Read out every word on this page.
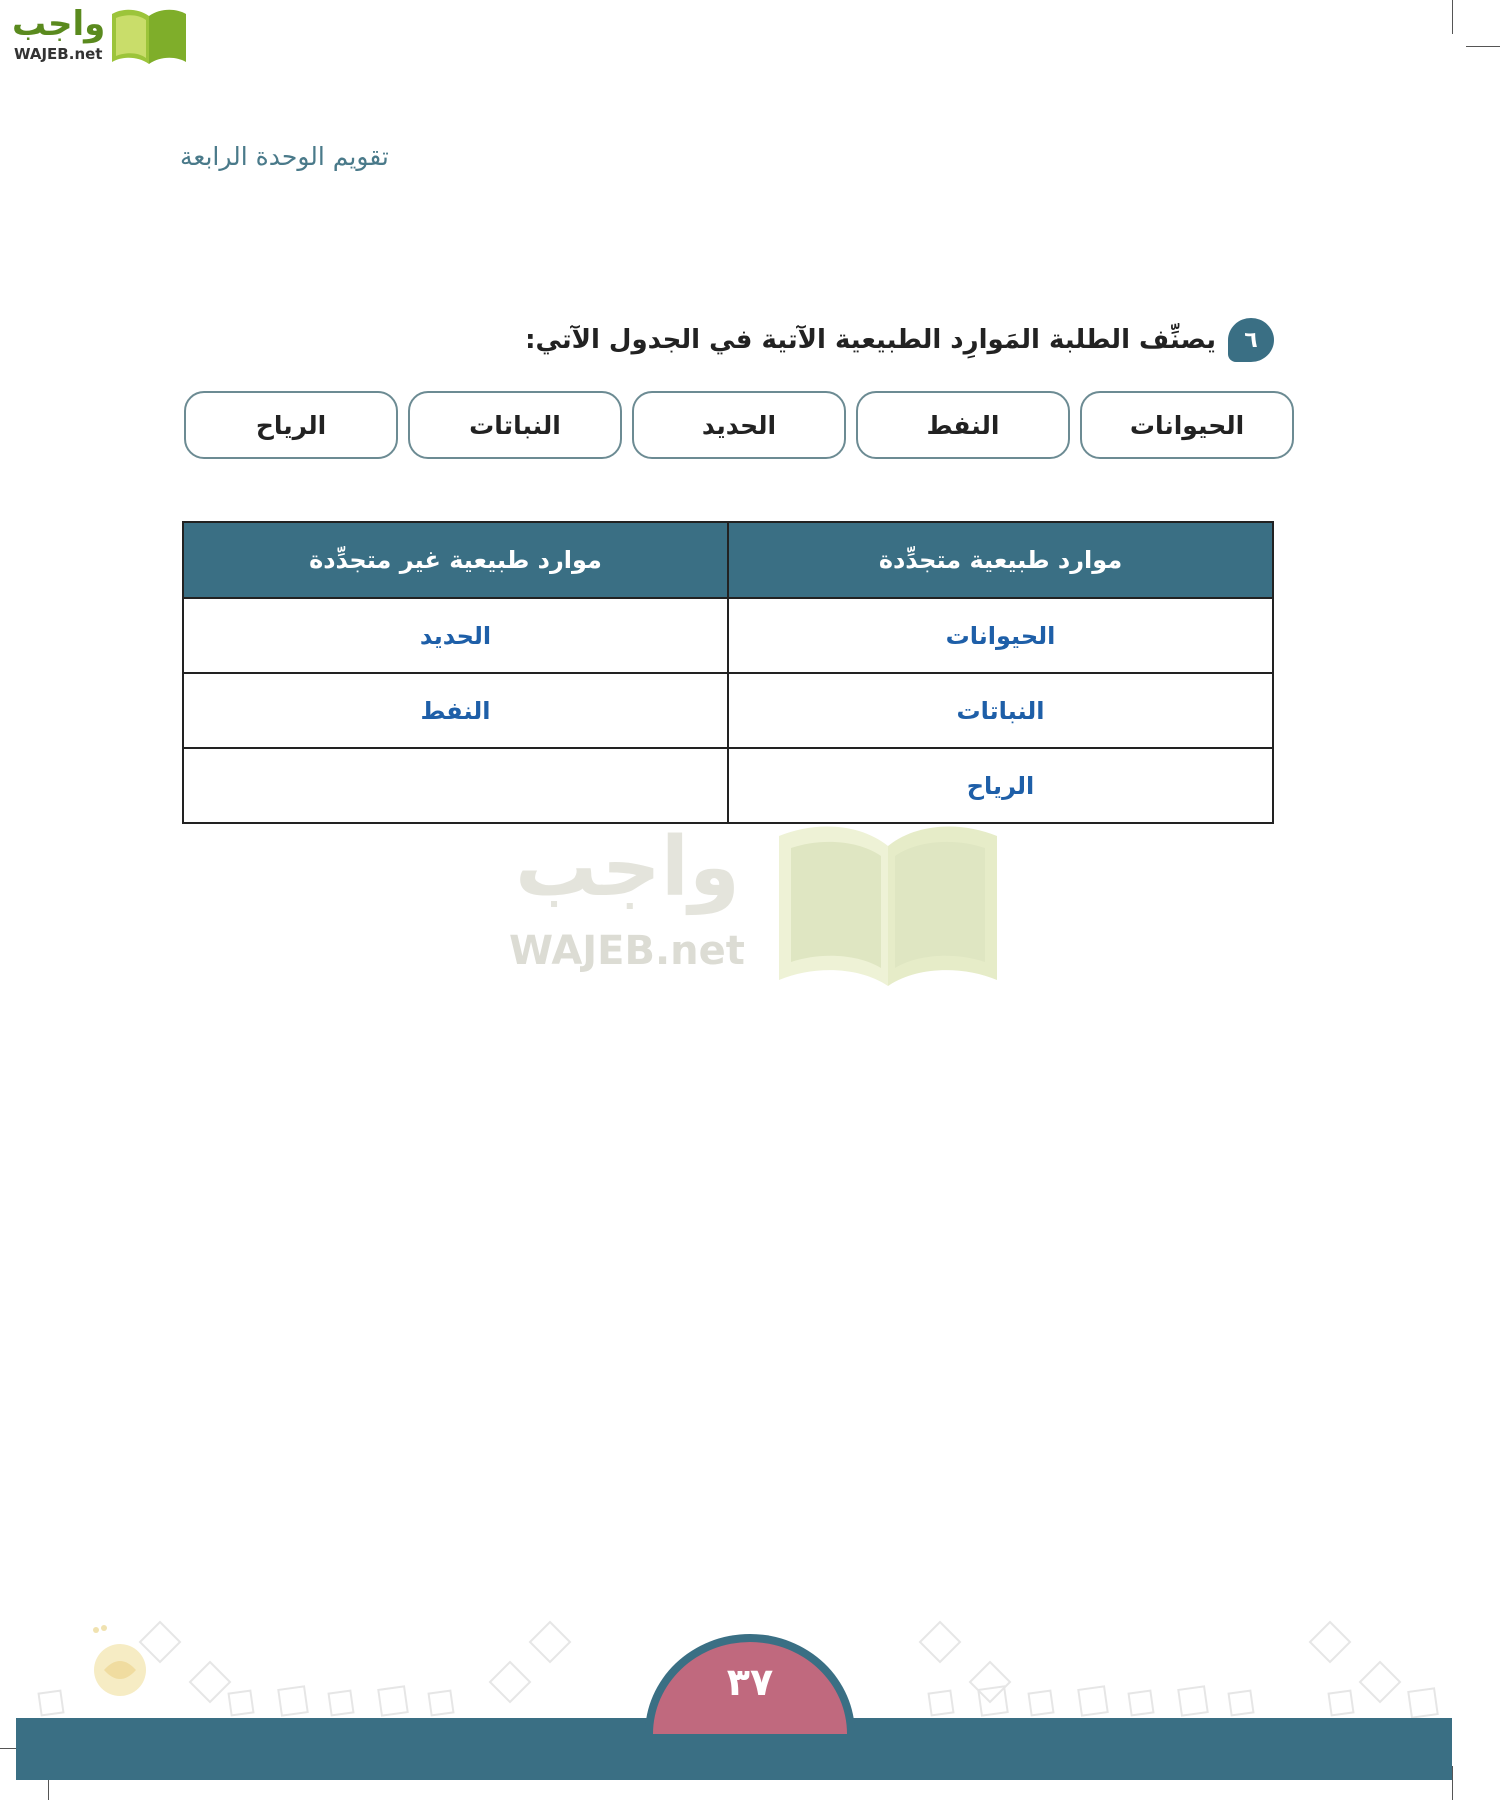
واجب
WAJEB.net
تقويم الوحدة الرابعة
٦
يصنِّف الطلبة المَوارِد الطبيعية الآتية في الجدول الآتي:
الحيوانات
النفط
الحديد
النباتات
الرياح
موارد طبيعية متجدِّدة	موارد طبيعية غير متجدِّدة
الحيوانات	الحديد
النباتات	النفط
الرياح	
واجب
WAJEB.net
٣٧
